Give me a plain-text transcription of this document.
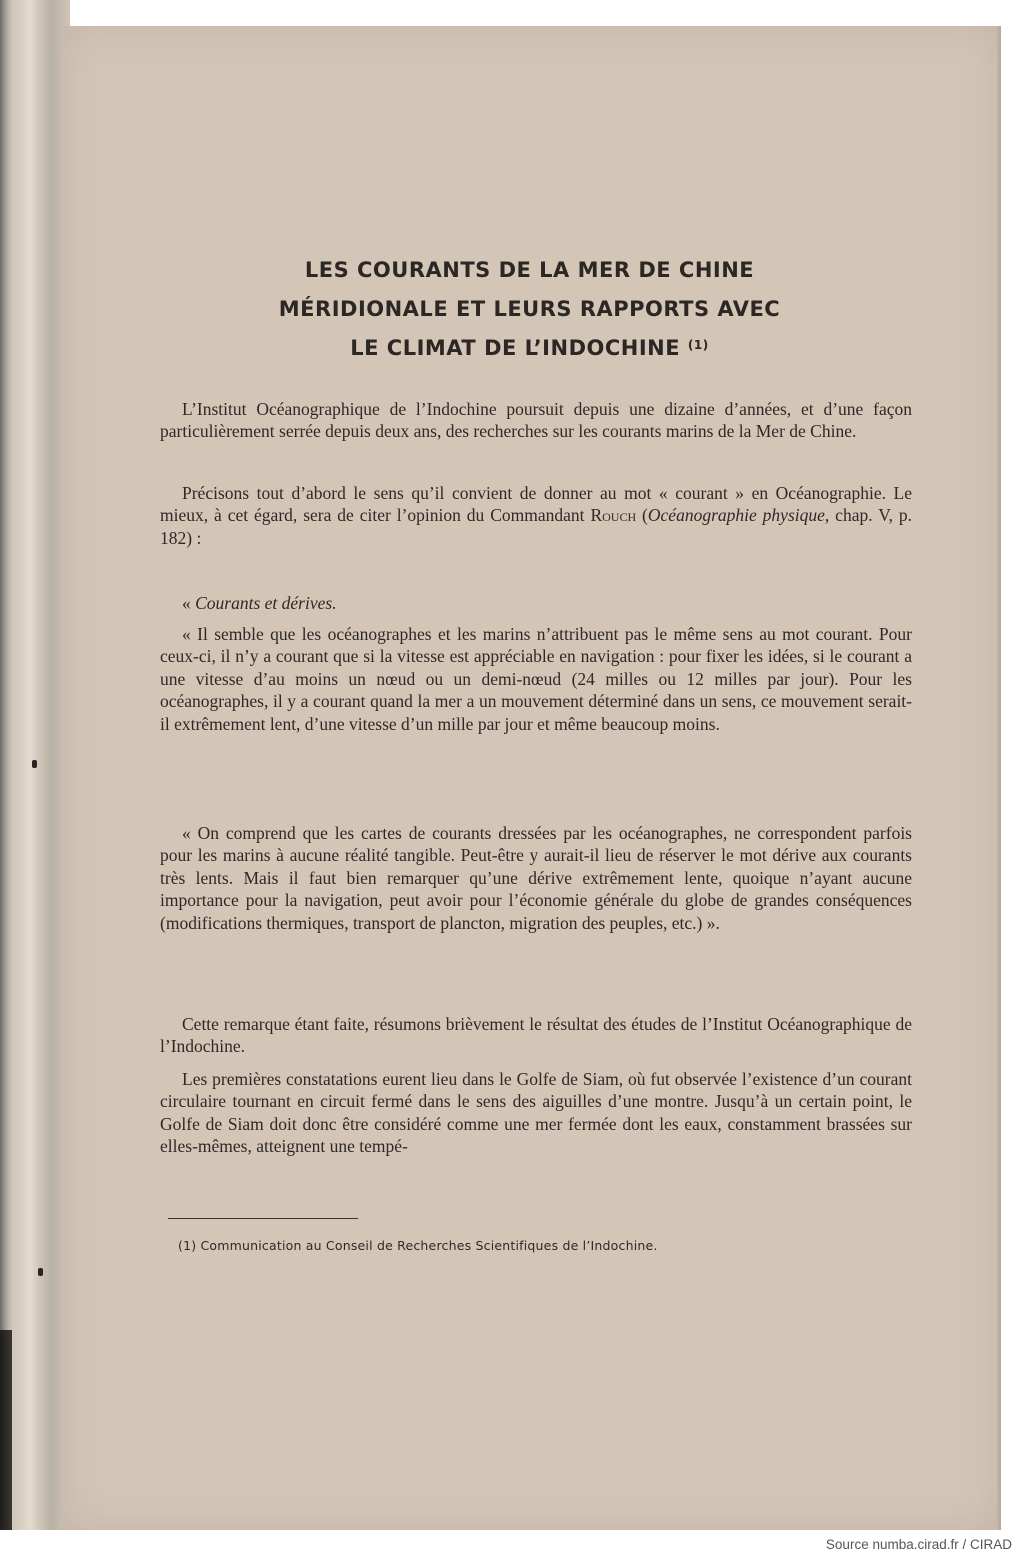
LES COURANTS DE LA MER DE CHINE
MÉRIDIONALE ET LEURS RAPPORTS AVEC
LE CLIMAT DE L’INDOCHINE $^{(1)}$

L’Institut Océanographique de l’Indochine poursuit depuis une dizaine d’années, et d’une façon particulièrement serrée depuis deux ans, des recherches sur les courants marins de la Mer de Chine.

Précisons tout d’abord le sens qu’il convient de donner au mot « courant » en Océanographie. Le mieux, à cet égard, sera de citer l’opinion du Commandant Rouch (Océanographie physique, chap. V, p. 182) :

« Courants et dérives.

« Il semble que les océanographes et les marins n’attribuent pas le même sens au mot courant. Pour ceux-ci, il n’y a courant que si la vitesse est appréciable en navigation : pour fixer les idées, si le courant a une vitesse d’au moins un nœud ou un demi-nœud (24 milles ou 12 milles par jour). Pour les océanographes, il y a courant quand la mer a un mouvement déterminé dans un sens, ce mouvement serait-il extrêmement lent, d’une vitesse d’un mille par jour et même beaucoup moins.

« On comprend que les cartes de courants dressées par les océanographes, ne correspondent parfois pour les marins à aucune réalité tangible. Peut-être y aurait-il lieu de réserver le mot dérive aux courants très lents. Mais il faut bien remarquer qu’une dérive extrêmement lente, quoique n’ayant aucune importance pour la navigation, peut avoir pour l’économie générale du globe de grandes conséquences (modifications thermiques, transport de plancton, migration des peuples, etc.) ».

Cette remarque étant faite, résumons brièvement le résultat des études de l’Institut Océanographique de l’Indochine.

Les premières constatations eurent lieu dans le Golfe de Siam, où fut observée l’existence d’un courant circulaire tournant en circuit fermé dans le sens des aiguilles d’une montre. Jusqu’à un certain point, le Golfe de Siam doit donc être considéré comme une mer fermée dont les eaux, constamment brassées sur elles-mêmes, atteignent une tempé-

(1) Communication au Conseil de Recherches Scientifiques de l’Indochine.
Source numba.cirad.fr / CIRAD
